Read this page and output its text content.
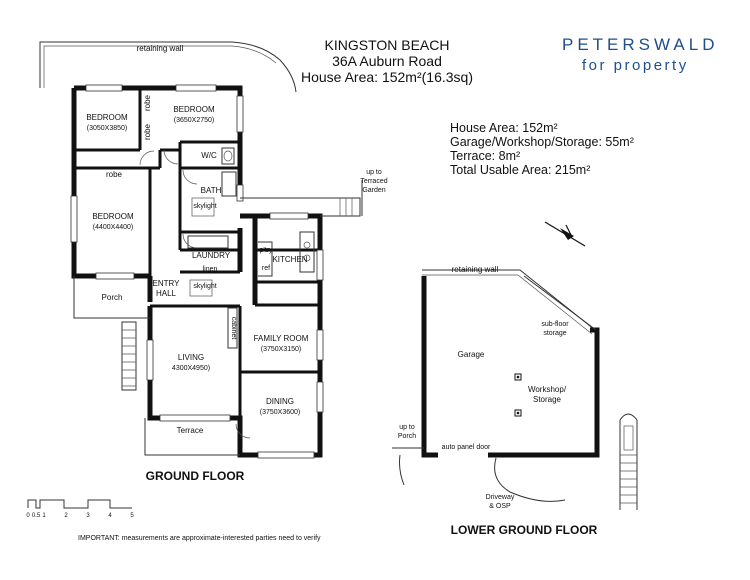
KINGSTON BEACH
36A Auburn Road
House Area: 152m²(16.3sq)
PETERSWALD
for property
House Area: 152m²
Garage/Workshop/Storage: 55m²
Terrace: 8m²
Total Usable Area: 215m²
retaining wall
robe
robe
BEDROOM
(3050X3850)
BEDROOM
(3650X2750)
W/C
robe
BATH
skylight
BEDROOM
(4400X4400)
up to
Terraced
Garden
p'try
ref
KITCHEN
LAUNDRY
linen
ENTRY
HALL
skylight
Porch
cabinet FAMILY ROOM
(3750X3150)
LIVING
4300X4950)
DINING
(3750X3600)
Terrace
GROUND FLOOR
retaining wall
sub-floor
storage
Garage
Workshop/
Storage
up to
Porch
auto panel door
Driveway
& OSP
LOWER GROUND FLOOR
0 0.5 1	2	3	4	5
IMPORTANT: measurements are approximate-interested parties need to verify
